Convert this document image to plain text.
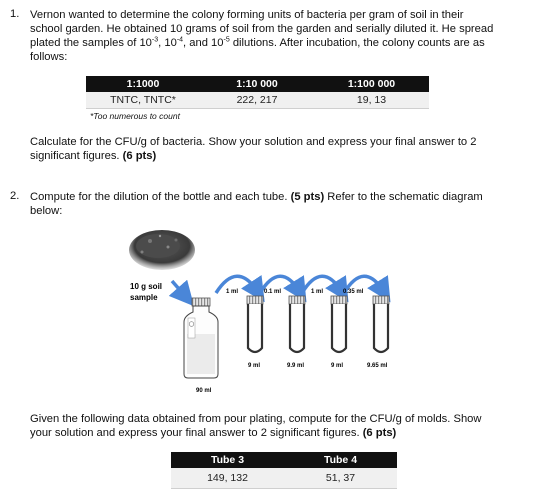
1. Vernon wanted to determine the colony forming units of bacteria per gram of soil in their
school garden. He obtained 10 grams of soil from the garden and serially diluted it. He spread
plated the samples of $10^{-3}$, $10^{-4}$, and $10^{-5}$ dilutions. After incubation, the colony counts are as
follows:
1:1000	1:10 000	1:100 000
TNTC, TNTC*	222, 217	19, 13
*Too numerous to count
Calculate for the CFU/g of bacteria. Show your solution and express your final answer to 2
significant figures. (6 pts)
2. Compute for the dilution of the bottle and each tube. (5 pts) Refer to the schematic diagram
below:
10 g soil
sample
90 ml
1 ml	0.1 ml	1 ml	0.35 ml
9 ml	9.9 ml	9 ml	9.65 ml
Given the following data obtained from pour plating, compute for the CFU/g of molds. Show
your solution and express your final answer to 2 significant figures. (6 pts)
Tube 3	Tube 4
149, 132	51, 37
